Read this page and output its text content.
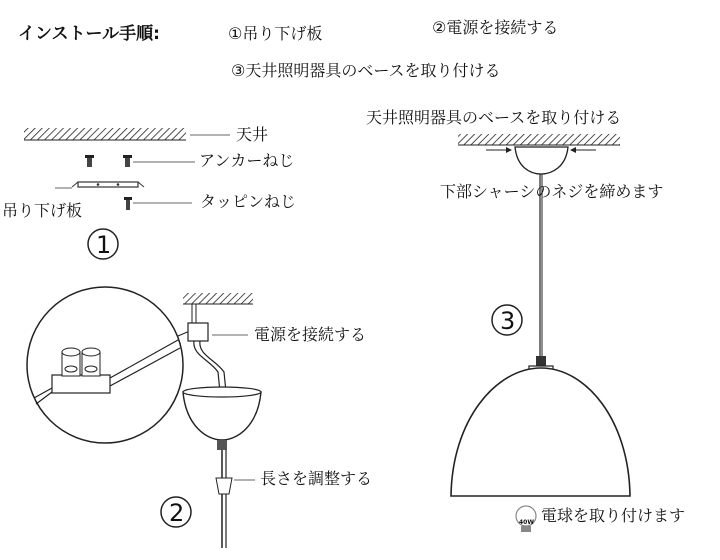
インストール手順:	①吊り下げ板	②電源を接続する
③天井照明器具のベースを取り付ける
天井
アンカーねじ
吊り下げ板	タッピンねじ
1
電源を接続する
長さを調整する
2
天井照明器具のベースを取り付ける
下部シャーシのネジを締めます
3
40W 電球を取り付けます
